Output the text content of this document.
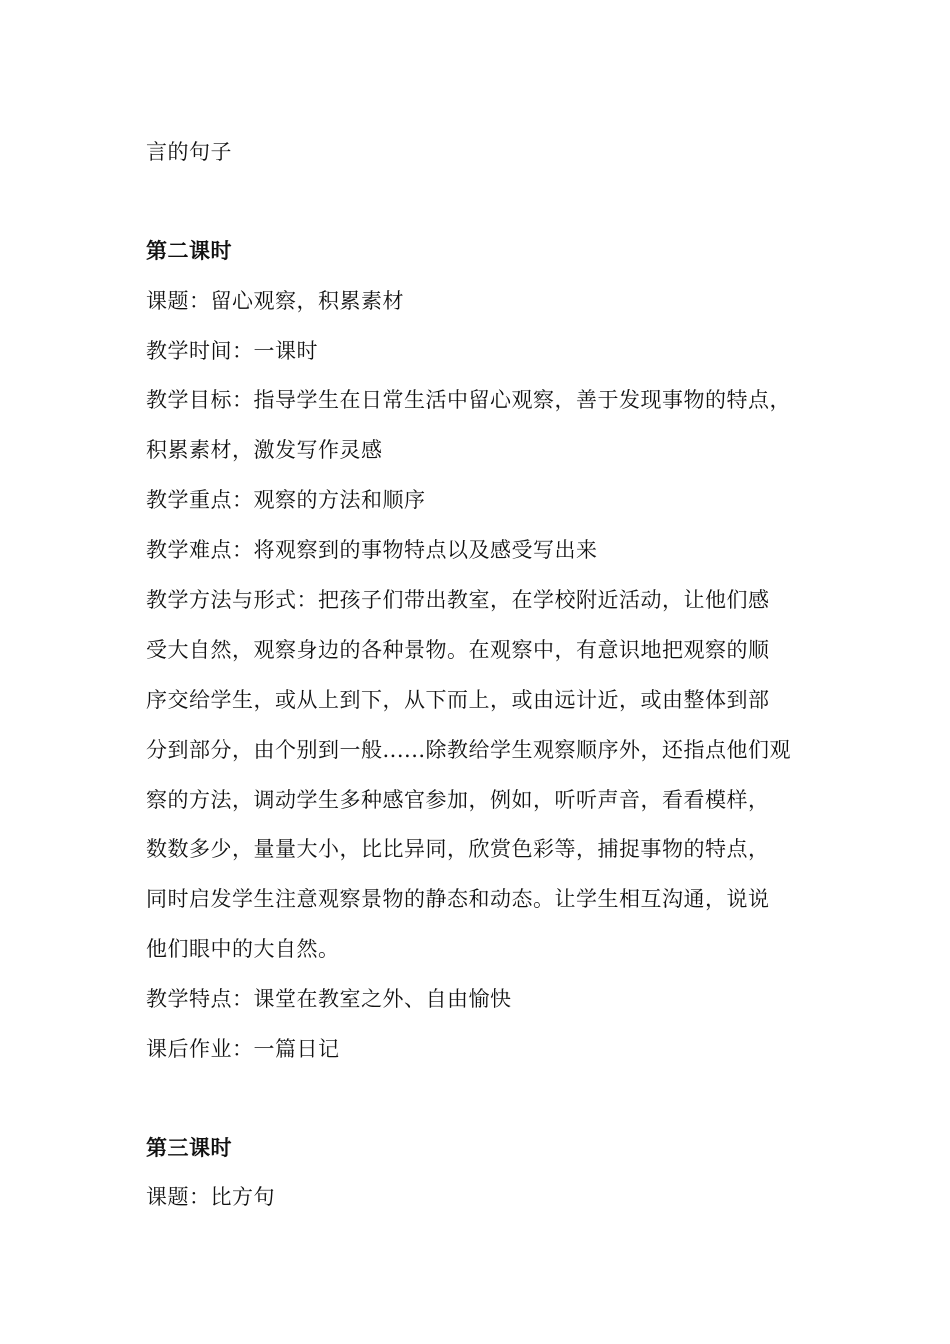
言的句子
第二课时
课题：留心观察，积累素材
教学时间：一课时
教学目标：指导学生在日常生活中留心观察，善于发现事物的特点，
积累素材，激发写作灵感
教学重点：观察的方法和顺序
教学难点：将观察到的事物特点以及感受写出来
教学方法与形式：把孩子们带出教室，在学校附近活动，让他们感
受大自然，观察身边的各种景物。在观察中，有意识地把观察的顺
序交给学生，或从上到下，从下而上，或由远计近，或由整体到部
分到部分，由个别到一般......除教给学生观察顺序外，还指点他们观
察的方法，调动学生多种感官参加，例如，听听声音，看看模样，
数数多少，量量大小，比比异同，欣赏色彩等，捕捉事物的特点，
同时启发学生注意观察景物的静态和动态。让学生相互沟通，说说
他们眼中的大自然。
教学特点：课堂在教室之外、自由愉快
课后作业：一篇日记
第三课时
课题：比方句
